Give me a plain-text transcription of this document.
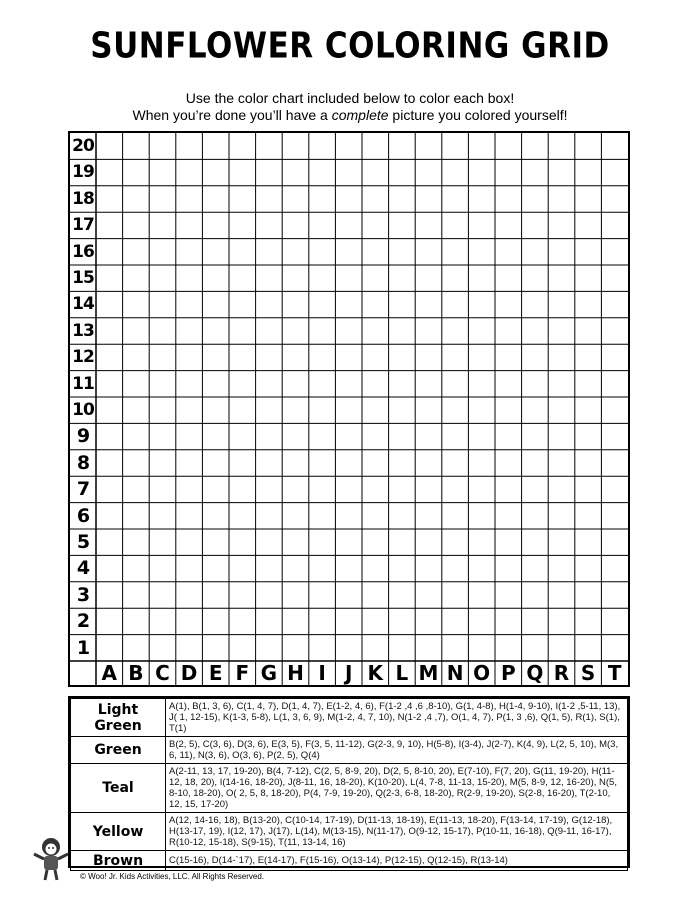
SUNFLOWER COLORING GRID
Use the color chart included below to color each box!
When you’re done you’ll have a complete picture you colored yourself!
20
19
18
17
16
15
14
13
12
11
10
9
8
7
6
5
4
3
2
1
A B C D E F G H I J K L M N O P Q R S T
Light Green	A(1), B(1, 3, 6), C(1, 4, 7), D(1, 4, 7), E(1-2, 4, 6), F(1-2 ,4 ,6 ,8-10), G(1, 4-8), H(1-4, 9-10), I(1-2 ,5-11, 13), J( 1, 12-15), K(1-3, 5-8), L(1, 3, 6, 9), M(1-2, 4, 7, 10), N(1-2 ,4 ,7), O(1, 4, 7), P(1, 3 ,6), Q(1, 5), R(1), S(1), T(1)
Green	B(2, 5), C(3, 6), D(3, 6), E(3, 5), F(3, 5, 11-12), G(2-3, 9, 10), H(5-8), I(3-4), J(2-7), K(4, 9), L(2, 5, 10), M(3, 6, 11), N(3, 6), O(3, 6), P(2, 5), Q(4)
Teal	A(2-11, 13, 17, 19-20), B(4, 7-12), C(2, 5, 8-9, 20), D(2, 5, 8-10, 20), E(7-10), F(7, 20), G(11, 19-20), H(11-12, 18, 20), I(14-16, 18-20), J(8-11, 16, 18-20), K(10-20), L(4, 7-8, 11-13, 15-20), M(5, 8-9, 12, 16-20), N(5, 8-10, 18-20), O( 2, 5, 8, 18-20), P(4, 7-9, 19-20), Q(2-3, 6-8, 18-20), R(2-9, 19-20), S(2-8, 16-20), T(2-10, 12, 15, 17-20)
Yellow	A(12, 14-16, 18), B(13-20), C(10-14, 17-19), D(11-13, 18-19), E(11-13, 18-20), F(13-14, 17-19), G(12-18), H(13-17, 19), I(12, 17), J(17), L(14), M(13-15), N(11-17), O(9-12, 15-17), P(10-11, 16-18), Q(9-11, 16-17), R(10-12, 15-18), S(9-15), T(11, 13-14, 16)
Brown	C(15-16), D(14-`17), E(14-17), F(15-16), O(13-14), P(12-15), Q(12-15), R(13-14)
© Woo! Jr. Kids Activities, LLC. All Rights Reserved.
